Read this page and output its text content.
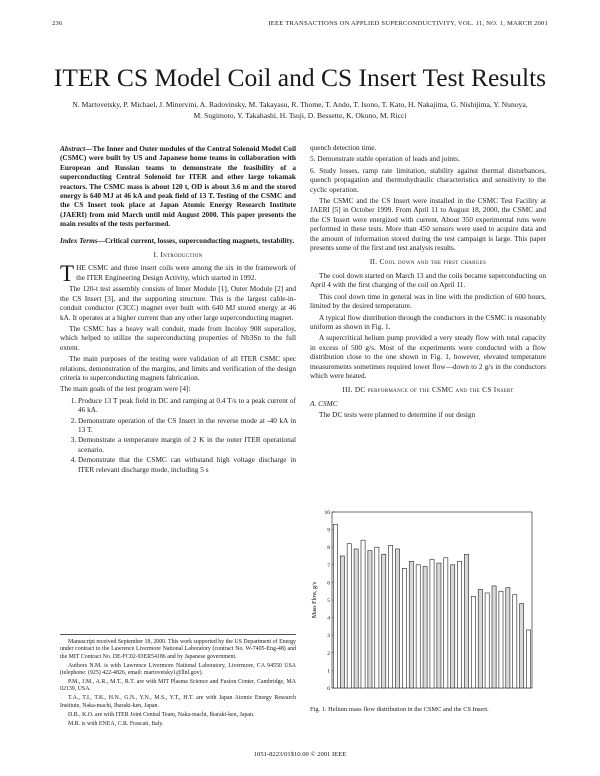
236	IEEE TRANSACTIONS ON APPLIED SUPERCONDUCTIVITY, VOL. 11, NO. 1, MARCH 2001
ITER CS Model Coil and CS Insert Test Results
N. Martovetsky, P. Michael, J. Minervini, A. Radovinsky, M. Takayasu, R. Thome, T. Ando, T. Isono, T. Kato, H. Nakajima, G. Nishijima, Y. Nunoya, M. Sugimoto, Y. Takahashi, H. Tsuji, D. Bessette, K. Okuno, M. Ricci

Abstract—The Inner and Outer modules of the Central Solenoid Model Coil (CSMC) were built by US and Japanese home teams in collaboration with European and Russian teams to demonstrate the feasibility of a superconducting Central Solenoid for ITER and other large tokamak reactors. The CSMC mass is about 120 t, OD is about 3.6 m and the stored energy is 640 MJ at 46 kA and peak field of 13 T. Testing of the CSMC and the CS Insert took place at Japan Atomic Energy Research Institute (JAERI) from mid March until mid August 2000. This paper presents the main results of the tests performed.

Index Terms—Critical current, losses, superconducting magnets, testability.

I. Introduction

THE CSMC and three insert coils were among the six in the framework of the ITER Engineering Design Activity, which started in 1992.

The 120-t test assembly consists of Inner Module [1], Outer Module [2] and the CS Insert [3], and the supporting structure. This is the largest cable-in-conduit conductor (CICC) magnet ever built with 640 MJ stored energy at 46 kA. It operates at a higher current than any other large superconducting magnet.

The CSMC has a heavy wall conduit, made from Incoloy 908 superalloy, which helped to utilize the superconducting properties of Nb3Sn to the full extent.

The main purposes of the testing were validation of all ITER CSMC spec relations, demonstration of the margins, and limits and verification of the design criteria to superconducting magnets fabrication.

The main goals of the test program were [4]:

1. Produce 13 T peak field in DC and ramping at 0.4 T/s to a peak current of 46 kA.
2. Demonstrate operation of the CS Insert in the reverse mode at -40 kA in 13 T.
3. Demonstrate a temperature margin of 2 K in the outer ITER operational scenario.
4. Demonstrate that the CSMC can withstand high voltage discharge in ITER relevant discharge mode, including 5 s

Manuscript received September 18, 2000. This work supported by the US Department of Energy under contract to the Lawrence Livermore National Laboratory (contract No. W-7405-Eng-48) and the MIT Contract No. DE-FC02-93ER54186 and by Japanese government.

Authors N.M. is with Lawrence Livermore National Laboratory, Livermore, CA 94550 USA (telephone: (925) 422-4826, email: martovetsky1@llnl.gov).

P.M., J.M., A.R., M.T., R.T. are with MIT Plasma Science and Fusion Center, Cambridge, MA 02139, USA.

T.A., T.I., T.K., H.N., G.N., Y.N., M.S., Y.T., H.T. are with Japan Atomic Energy Research Institute, Naka-machi, Ibaraki-ken, Japan.

D.B., K.O. are with ITER Joint Central Team, Naka-machi, Ibaraki-ken, Japan.

M.R. is with ENEA, C.R. Frascati, Italy.

quench detection time.

5. Demonstrate stable operation of leads and joints.

6. Study losses, ramp rate limitation, stability against thermal disturbances, quench propagation and thermohydraulic characteristics and sensitivity to the cyclic operation.

The CSMC and the CS Insert were installed in the CSMC Test Facility at JAERI [5] in October 1999. From April 11 to August 18, 2000, the CSMC and the CS Insert were energized with current. About 350 experimental runs were performed in these tests. More than 450 sensors were used to acquire data and the amount of information stored during the test campaign is large. This paper presents some of the first and test analysis results.

II. Cool down and the first charges

The cool down started on March 13 and the coils became superconducting on April 4 with the first charging of the coil on April 11.

This cool down time in general was in line with the prediction of 600 hours, limited by the desired temperature.

A typical flow distribution through the conductors in the CSMC is reasonably uniform as shown in Fig. 1.

A supercritical helium pump provided a very steady flow with total capacity in excess of 500 g/s. Most of the experiments were conducted with a flow distribution close to the one shown in Fig. 1, however, elevated temperature measurements sometimes required lower flow—down to 2 g/s in the conductors which were heated.

III. DC performance of the CSMC and the CS Insert
A. CSMC

The DC tests were planned to determine if our design

Mass Flow, g/s
10
9
8
7
6
5
4
3
2
1
0
Fig. 1. Helium mass flow distribution in the CSMC and the CS Insert.
1051-8223/01$10.00 © 2001 IEEE
